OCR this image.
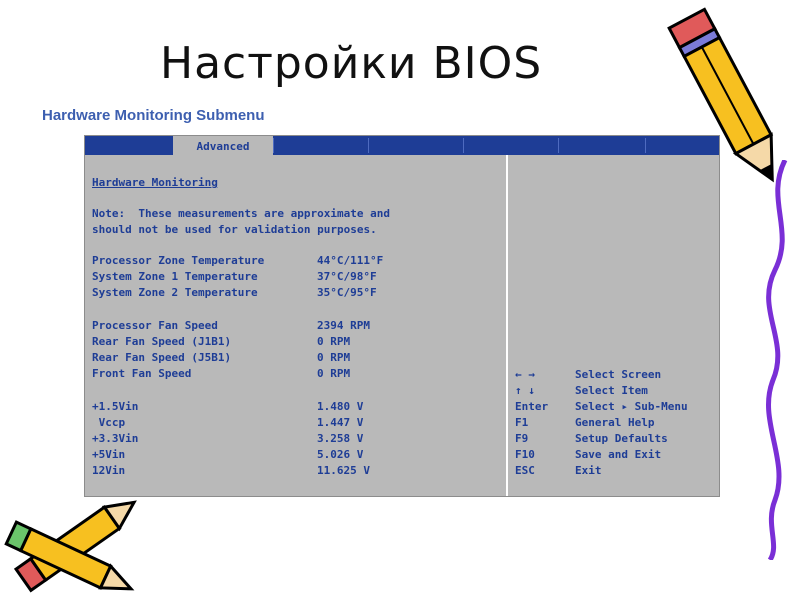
Настройки BIOS
Hardware Monitoring Submenu
Advanced
Hardware Monitoring
Note:  These measurements are approximate and
should not be used for validation purposes.
Processor Zone Temperature	44°C/111°F
System Zone 1 Temperature	37°C/98°F
System Zone 2 Temperature	35°C/95°F
Processor Fan Speed	2394 RPM
Rear Fan Speed (J1B1)	0 RPM
Rear Fan Speed (J5B1)	0 RPM
Front Fan Speed	0 RPM
+1.5Vin	1.480 V
Vccp	1.447 V
+3.3Vin	3.258 V
+5Vin	5.026 V
12Vin	11.625 V
← →	Select Screen
↑ ↓	Select Item
Enter Select ▸ Sub-Menu
F1	General Help
F9	Setup Defaults
F10	Save and Exit
ESC	Exit
